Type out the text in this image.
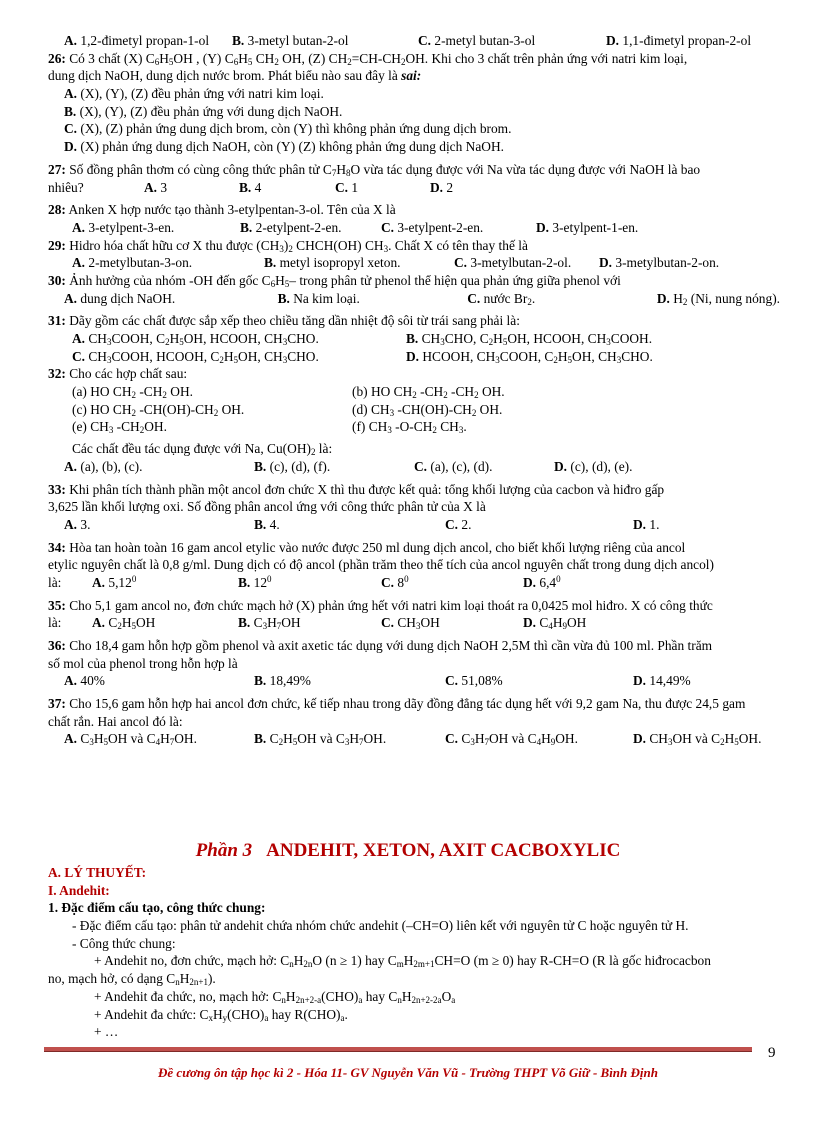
A. 1,2-đimetyl propan-1-ol	B. 3-metyl butan-2-ol	C. 2-metyl butan-3-ol	D. 1,1-đimetyl propan-2-ol
26: Có 3 chất (X) $C_6H_5OH$ , (Y) $C_6H_5$ $CH_2$ OH, (Z) $CH_2=CH-CH_2OH$. Khi cho 3 chất trên phản ứng với natri kim loại,
dung dịch NaOH, dung dịch nước brom. Phát biểu nào sau đây là sai:
A. (X), (Y), (Z) đều phản ứng với natri kim loại.
B. (X), (Y), (Z) đều phản ứng với dung dịch NaOH.
C. (X), (Z) phản ứng dung dịch brom, còn (Y) thì không phản ứng dung dịch brom.
D. (X) phản ứng dung dịch NaOH, còn (Y) (Z) không phản ứng dung dịch NaOH.
27: Số đồng phân thơm có cùng công thức phân tử $C_7H_8O$ vừa tác dụng được với Na vừa tác dụng được với NaOH là bao
nhiêu?	A. 3	B. 4	C. 1	D. 2
28: Anken X hợp nước tạo thành 3-etylpentan-3-ol. Tên của X là
A. 3-etylpent-3-en.	B. 2-etylpent-2-en.	C. 3-etylpent-2-en.	D. 3-etylpent-1-en.
29: Hidro hóa chất hữu cơ X thu được $(CH_3)_2$ CHCH(OH) $CH_3$. Chất X có tên thay thế là
A. 2-metylbutan-3-on.	B. metyl isopropyl xeton.	C. 3-metylbutan-2-ol.	D. 3-metylbutan-2-on.
30: Ảnh hưởng của nhóm -OH đến gốc $C_6H_5-$ trong phân tử phenol thể hiện qua phản ứng giữa phenol với
A. dung dịch NaOH.	B. Na kim loại.	C. nước $Br_2$.	D. $H_2$ (Ni, nung nóng).
31: Dãy gồm các chất được sắp xếp theo chiều tăng dần nhiệt độ sôi từ trái sang phải là:
A. $CH_3COOH$, $C_2H_5OH$, HCOOH, $CH_3CHO$.	B. $CH_3CHO$, $C_2H_5OH$, HCOOH, $CH_3COOH$.
C. $CH_3COOH$, HCOOH, $C_2H_5OH$, $CH_3CHO$.	D. HCOOH, $CH_3COOH$, $C_2H_5OH$, $CH_3CHO$.
32: Cho các hợp chất sau:
(a) HO $CH_2$ $-CH_2$ OH.	(b) HO $CH_2$ $-CH_2$ $-CH_2$ OH.
(c) HO $CH_2$ $-CH(OH)-CH_2$ OH.	(d) $CH_3$ $-CH(OH)-CH_2$ OH.
(e) $CH_3$ $-CH_2OH$.	(f) $CH_3$ $-O-CH_2$ $CH_3$.
Các chất đều tác dụng được với Na, $Cu(OH)_2$ là:
A. (a), (b), (c).	B. (c), (d), (f).	C. (a), (c), (d).	D. (c), (d), (e).
33: Khi phân tích thành phần một ancol đơn chức X thì thu được kết quả: tổng khối lượng của cacbon và hiđro gấp
3,625 lần khối lượng oxi. Số đồng phân ancol ứng với công thức phân tử của X là
A. 3.	B. 4.	C. 2.	D. 1.
34: Hòa tan hoàn toàn 16 gam ancol etylic vào nước được 250 ml dung dịch ancol, cho biết khối lượng riêng của ancol
etylic nguyên chất là 0,8 g/ml. Dung dịch có độ ancol (phần trăm theo thể tích của ancol nguyên chất trong dung dịch ancol)
là:	A. 5,12$^0$	B. $12^0$	C. $8^0$	D. $6,4^0$
35: Cho 5,1 gam ancol no, đơn chức mạch hở (X) phản ứng hết với natri kim loại thoát ra 0,0425 mol hiđro. X có công thức
là:	A. $C_2H_5OH$	B. $C_3H_7OH$	C. $CH_3OH$	D. $C_4H_9OH$
36: Cho 18,4 gam hỗn hợp gồm phenol và axit axetic tác dụng với dung dịch NaOH 2,5M thì cần vừa đủ 100 ml. Phần trăm
số mol của phenol trong hỗn hợp là
A. 40%	B. 18,49%	C. 51,08%	D. 14,49%
37: Cho 15,6 gam hỗn hợp hai ancol đơn chức, kế tiếp nhau trong dãy đồng đẳng tác dụng hết với 9,2 gam Na, thu được 24,5 gam
chất rắn. Hai ancol đó là:
A. $C_3H_5OH$ và $C_4H_7OH$.	B. $C_2H_5OH$ và $C_3H_7OH$.	C. $C_3H_7OH$ và $C_4H_9OH$.	D. $CH_3OH$ và $C_2H_5OH$.
Phần 3 ANDEHIT, XETON, AXIT CACBOXYLIC
A. LÝ THUYẾT:
I. Andehit:
1. Đặc điểm cấu tạo, công thức chung:
- Đặc điểm cấu tạo: phân tử andehit chứa nhóm chức andehit (–CH=O) liên kết với nguyên tử C hoặc nguyên tử H.
- Công thức chung:
+ Andehit no, đơn chức, mạch hở: $C_nH_{2n}O$ (n ≥ 1) hay $C_mH_{2m+1}CH=O$ (m ≥ 0) hay R-CH=O (R là gốc hiđrocacbon
no, mạch hở, có dạng $C_nH_{2n+1}$).
+ Andehit đa chức, no, mạch hở: $C_nH_{2n+2-a}(CHO)_a$ hay $C_nH_{2n+2-2a}O_a$
+ Andehit đa chức: $C_xH_y(CHO)_a$ hay $R(CHO)_a$.
+ …
9
Đề cương ôn tập học kì 2 - Hóa 11- GV Nguyễn Văn Vũ - Trường THPT Võ Giữ - Bình Định
